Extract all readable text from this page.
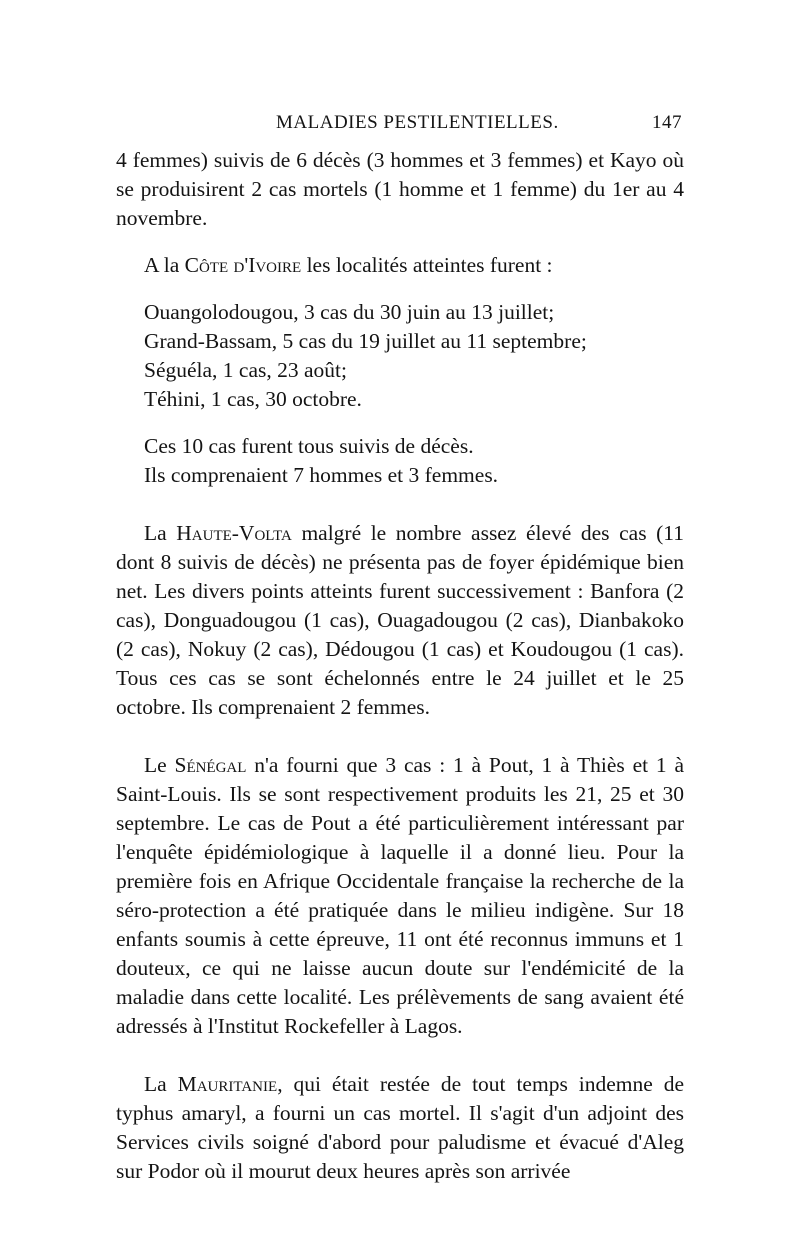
MALADIES PESTILENTIELLES.	147

4 femmes) suivis de 6 décès (3 hommes et 3 femmes) et Kayo où se produisirent 2 cas mortels (1 homme et 1 femme) du 1er au 4 novembre.

A la Côte d'Ivoire les localités atteintes furent :

Ouangolodougou, 3 cas du 30 juin au 13 juillet;
Grand-Bassam, 5 cas du 19 juillet au 11 septembre;
Séguéla, 1 cas, 23 août;
Téhini, 1 cas, 30 octobre.
Ces 10 cas furent tous suivis de décès.
Ils comprenaient 7 hommes et 3 femmes.

La Haute-Volta malgré le nombre assez élevé des cas (11 dont 8 suivis de décès) ne présenta pas de foyer épidémique bien net. Les divers points atteints furent successivement : Banfora (2 cas), Donguadougou (1 cas), Ouagadougou (2 cas), Dianbakoko (2 cas), Nokuy (2 cas), Dédougou (1 cas) et Koudougou (1 cas). Tous ces cas se sont échelonnés entre le 24 juillet et le 25 octobre. Ils comprenaient 2 femmes.

Le Sénégal n'a fourni que 3 cas : 1 à Pout, 1 à Thiès et 1 à Saint-Louis. Ils se sont respectivement produits les 21, 25 et 30 septembre. Le cas de Pout a été particulièrement intéressant par l'enquête épidémiologique à laquelle il a donné lieu. Pour la première fois en Afrique Occidentale française la recherche de la séro-protection a été pratiquée dans le milieu indigène. Sur 18 enfants soumis à cette épreuve, 11 ont été reconnus immuns et 1 douteux, ce qui ne laisse aucun doute sur l'endémicité de la maladie dans cette localité. Les prélèvements de sang avaient été adressés à l'Institut Rockefeller à Lagos.

La Mauritanie, qui était restée de tout temps indemne de typhus amaryl, a fourni un cas mortel. Il s'agit d'un adjoint des Services civils soigné d'abord pour paludisme et évacué d'Aleg sur Podor où il mourut deux heures après son arrivée
